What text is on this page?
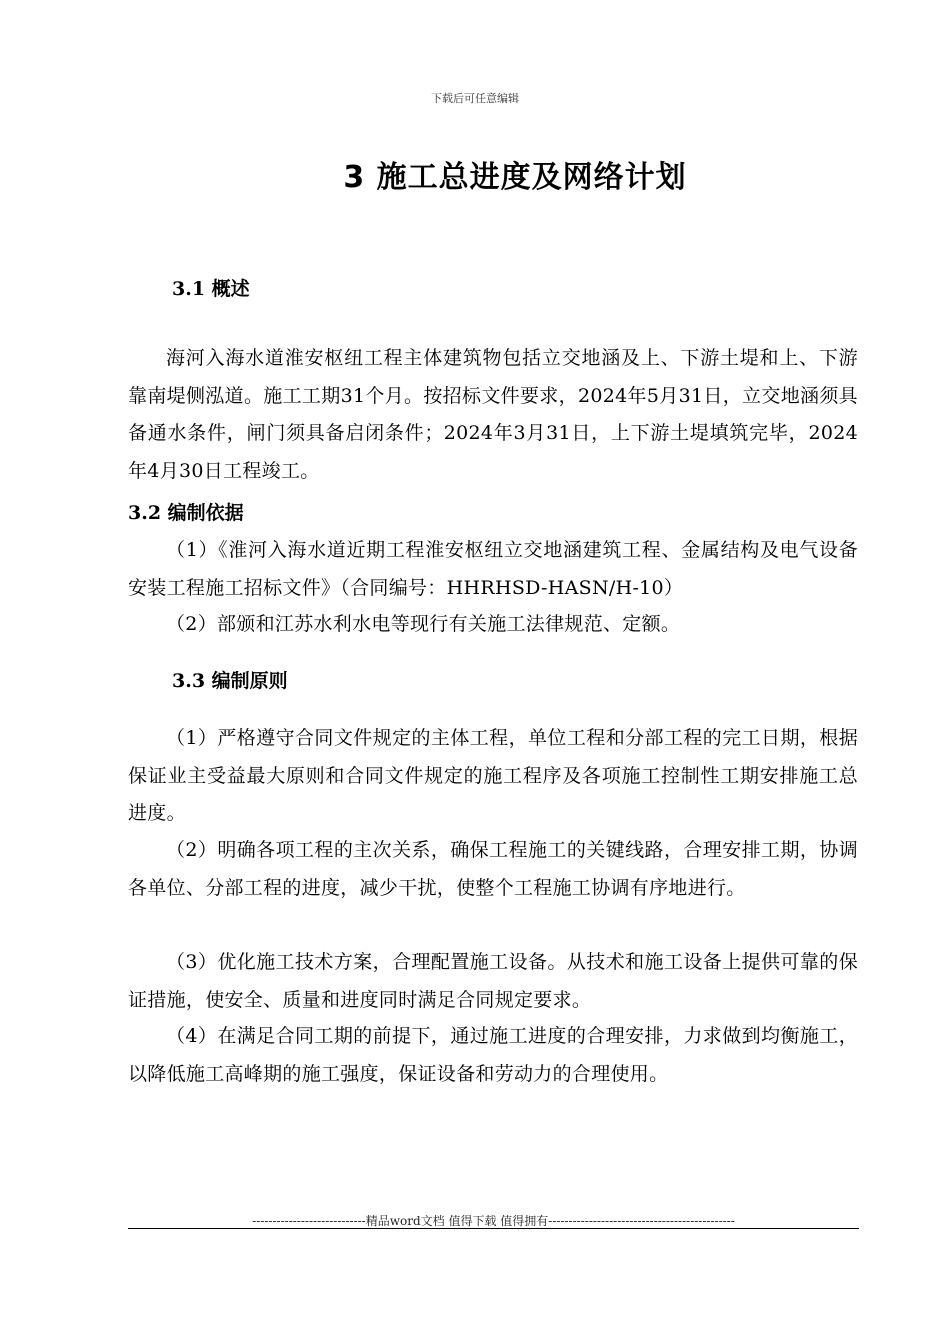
下载后可任意编辑
3 施工总进度及网络计划
3.1 概述
海河入海水道淮安枢纽工程主体建筑物包括立交地涵及上、下游土堤和上、下游靠南堤侧泓道。施工工期31个月。按招标文件要求，2024年5月31日，立交地涵须具备通水条件，闸门须具备启闭条件；2024年3月31日，上下游土堤填筑完毕，2024年4月30日工程竣工。
3.2 编制依据
（1）《淮河入海水道近期工程淮安枢纽立交地涵建筑工程、金属结构及电气设备安装工程施工招标文件》（合同编号：HHRHSD-HASN/H-10）
（2）部颁和江苏水利水电等现行有关施工法律规范、定额。
3.3 编制原则
（1）严格遵守合同文件规定的主体工程，单位工程和分部工程的完工日期，根据保证业主受益最大原则和合同文件规定的施工程序及各项施工控制性工期安排施工总进度。
（2）明确各项工程的主次关系，确保工程施工的关键线路，合理安排工期，协调各单位、分部工程的进度，减少干扰，使整个工程施工协调有序地进行。
（3）优化施工技术方案，合理配置施工设备。从技术和施工设备上提供可靠的保证措施，使安全、质量和进度同时满足合同规定要求。
（4）在满足合同工期的前提下，通过施工进度的合理安排，力求做到均衡施工，以降低施工高峰期的施工强度，保证设备和劳动力的合理使用。
----------------------------精品word文档 值得下载 值得拥有----------------------------------------------
